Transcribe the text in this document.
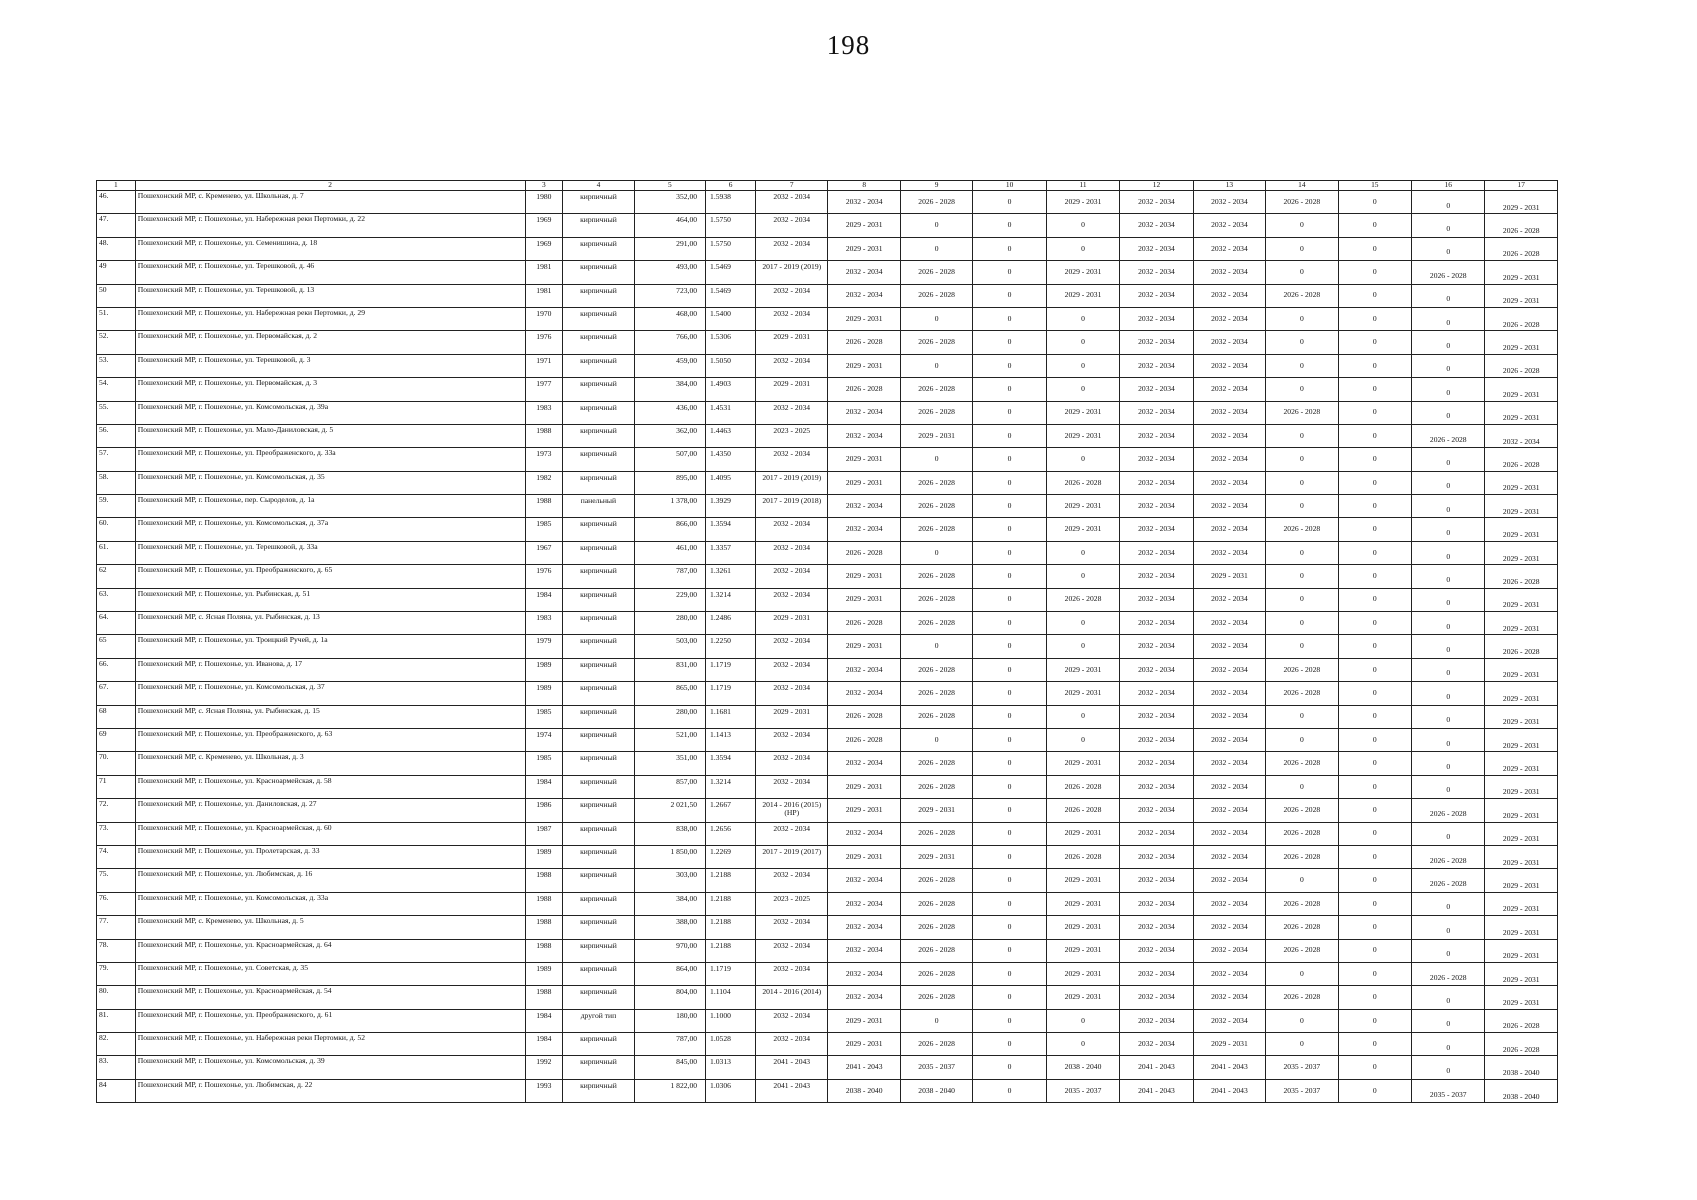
198
1	2	3	4	5	6	7	8	9	10	11	12	13	14	15	16	17
46.	Пошехонский МР, с. Кременево, ул. Школьная, д. 7	1980	кирпичный	352,00	1.5938	2032 - 2034	2032 - 2034	2026 - 2028	0	2029 - 2031	2032 - 2034	2032 - 2034	2026 - 2028	0	0	2029 - 2031
47.	Пошехонский МР, г. Пошехонье, ул. Набережная реки Пертомки, д. 22	1969	кирпичный	464,00	1.5750	2032 - 2034	2029 - 2031	0	0	0	2032 - 2034	2032 - 2034	0	0	0	2026 - 2028
48.	Пошехонский МР, г. Пошехонье, ул. Семенишина, д. 18	1969	кирпичный	291,00	1.5750	2032 - 2034	2029 - 2031	0	0	0	2032 - 2034	2032 - 2034	0	0	0	2026 - 2028
49	Пошехонский МР, г. Пошехонье, ул. Терешковой, д. 46	1981	кирпичный	493,00	1.5469	2017 - 2019 (2019)	2032 - 2034	2026 - 2028	0	2029 - 2031	2032 - 2034	2032 - 2034	0	0	2026 - 2028	2029 - 2031
50	Пошехонский МР, г. Пошехонье, ул. Терешковой, д. 13	1981	кирпичный	723,00	1.5469	2032 - 2034	2032 - 2034	2026 - 2028	0	2029 - 2031	2032 - 2034	2032 - 2034	2026 - 2028	0	0	2029 - 2031
51.	Пошехонский МР, г. Пошехонье, ул. Набережная реки Пертомки, д. 29	1970	кирпичный	468,00	1.5400	2032 - 2034	2029 - 2031	0	0	0	2032 - 2034	2032 - 2034	0	0	0	2026 - 2028
52.	Пошехонский МР, г. Пошехонье, ул. Первомайская, д. 2	1976	кирпичный	766,00	1.5306	2029 - 2031	2026 - 2028	2026 - 2028	0	0	2032 - 2034	2032 - 2034	0	0	0	2029 - 2031
53.	Пошехонский МР, г. Пошехонье, ул. Терешковой, д. 3	1971	кирпичный	459,00	1.5050	2032 - 2034	2029 - 2031	0	0	0	2032 - 2034	2032 - 2034	0	0	0	2026 - 2028
54.	Пошехонский МР, г. Пошехонье, ул. Первомайская, д. 3	1977	кирпичный	384,00	1.4903	2029 - 2031	2026 - 2028	2026 - 2028	0	0	2032 - 2034	2032 - 2034	0	0	0	2029 - 2031
55.	Пошехонский МР, г. Пошехонье, ул. Комсомольская, д. 39а	1983	кирпичный	436,00	1.4531	2032 - 2034	2032 - 2034	2026 - 2028	0	2029 - 2031	2032 - 2034	2032 - 2034	2026 - 2028	0	0	2029 - 2031
56.	Пошехонский МР, г. Пошехонье, ул. Мало-Даниловская, д. 5	1988	кирпичный	362,00	1.4463	2023 - 2025	2032 - 2034	2029 - 2031	0	2029 - 2031	2032 - 2034	2032 - 2034	0	0	2026 - 2028	2032 - 2034
57.	Пошехонский МР, г. Пошехонье, ул. Преображенского, д. 33а	1973	кирпичный	507,00	1.4350	2032 - 2034	2029 - 2031	0	0	0	2032 - 2034	2032 - 2034	0	0	0	2026 - 2028
58.	Пошехонский МР, г. Пошехонье, ул. Комсомольская, д. 35	1982	кирпичный	895,00	1.4095	2017 - 2019 (2019)	2029 - 2031	2026 - 2028	0	2026 - 2028	2032 - 2034	2032 - 2034	0	0	0	2029 - 2031
59.	Пошехонский МР, г. Пошехонье, пер. Сыроделов, д. 1а	1988	панельный	1 378,00	1.3929	2017 - 2019 (2018)	2032 - 2034	2026 - 2028	0	2029 - 2031	2032 - 2034	2032 - 2034	0	0	0	2029 - 2031
60.	Пошехонский МР, г. Пошехонье, ул. Комсомольская, д. 37а	1985	кирпичный	866,00	1.3594	2032 - 2034	2032 - 2034	2026 - 2028	0	2029 - 2031	2032 - 2034	2032 - 2034	2026 - 2028	0	0	2029 - 2031
61.	Пошехонский МР, г. Пошехонье, ул. Терешковой, д. 33а	1967	кирпичный	461,00	1.3357	2032 - 2034	2026 - 2028	0	0	0	2032 - 2034	2032 - 2034	0	0	0	2029 - 2031
62	Пошехонский МР, г. Пошехонье, ул. Преображенского, д. 65	1976	кирпичный	787,00	1.3261	2032 - 2034	2029 - 2031	2026 - 2028	0	0	2032 - 2034	2029 - 2031	0	0	0	2026 - 2028
63.	Пошехонский МР, г. Пошехонье, ул. Рыбинская, д. 51	1984	кирпичный	229,00	1.3214	2032 - 2034	2029 - 2031	2026 - 2028	0	2026 - 2028	2032 - 2034	2032 - 2034	0	0	0	2029 - 2031
64.	Пошехонский МР, с. Ясная Поляна, ул. Рыбинская, д. 13	1983	кирпичный	280,00	1.2486	2029 - 2031	2026 - 2028	2026 - 2028	0	0	2032 - 2034	2032 - 2034	0	0	0	2029 - 2031
65	Пошехонский МР, г. Пошехонье, ул. Троицкий Ручей, д. 1а	1979	кирпичный	503,00	1.2250	2032 - 2034	2029 - 2031	0	0	0	2032 - 2034	2032 - 2034	0	0	0	2026 - 2028
66.	Пошехонский МР, г. Пошехонье, ул. Иванова, д. 17	1989	кирпичный	831,00	1.1719	2032 - 2034	2032 - 2034	2026 - 2028	0	2029 - 2031	2032 - 2034	2032 - 2034	2026 - 2028	0	0	2029 - 2031
67.	Пошехонский МР, г. Пошехонье, ул. Комсомольская, д. 37	1989	кирпичный	865,00	1.1719	2032 - 2034	2032 - 2034	2026 - 2028	0	2029 - 2031	2032 - 2034	2032 - 2034	2026 - 2028	0	0	2029 - 2031
68	Пошехонский МР, с. Ясная Поляна, ул. Рыбинская, д. 15	1985	кирпичный	280,00	1.1681	2029 - 2031	2026 - 2028	2026 - 2028	0	0	2032 - 2034	2032 - 2034	0	0	0	2029 - 2031
69	Пошехонский МР, г. Пошехонье, ул. Преображенского, д. 63	1974	кирпичный	521,00	1.1413	2032 - 2034	2026 - 2028	0	0	0	2032 - 2034	2032 - 2034	0	0	0	2029 - 2031
70.	Пошехонский МР, с. Кременево, ул. Школьная, д. 3	1985	кирпичный	351,00	1.3594	2032 - 2034	2032 - 2034	2026 - 2028	0	2029 - 2031	2032 - 2034	2032 - 2034	2026 - 2028	0	0	2029 - 2031
71	Пошехонский МР, г. Пошехонье, ул. Красноармейская, д. 58	1984	кирпичный	857,00	1.3214	2032 - 2034	2029 - 2031	2026 - 2028	0	2026 - 2028	2032 - 2034	2032 - 2034	0	0	0	2029 - 2031
72.	Пошехонский МР, г. Пошехонье, ул. Даниловская, д. 27	1986	кирпичный	2 021,50	1.2667	2014 - 2016 (2015) (НР)	2029 - 2031	2029 - 2031	0	2026 - 2028	2032 - 2034	2032 - 2034	2026 - 2028	0	2026 - 2028	2029 - 2031
73.	Пошехонский МР, г. Пошехонье, ул. Красноармейская, д. 60	1987	кирпичный	838,00	1.2656	2032 - 2034	2032 - 2034	2026 - 2028	0	2029 - 2031	2032 - 2034	2032 - 2034	2026 - 2028	0	0	2029 - 2031
74.	Пошехонский МР, г. Пошехонье, ул. Пролетарская, д. 33	1989	кирпичный	1 850,00	1.2269	2017 - 2019 (2017)	2029 - 2031	2029 - 2031	0	2026 - 2028	2032 - 2034	2032 - 2034	2026 - 2028	0	2026 - 2028	2029 - 2031
75.	Пошехонский МР, г. Пошехонье, ул. Любимская, д. 16	1988	кирпичный	303,00	1.2188	2032 - 2034	2032 - 2034	2026 - 2028	0	2029 - 2031	2032 - 2034	2032 - 2034	0	0	2026 - 2028	2029 - 2031
76.	Пошехонский МР, г. Пошехонье, ул. Комсомольская, д. 33а	1988	кирпичный	384,00	1.2188	2023 - 2025	2032 - 2034	2026 - 2028	0	2029 - 2031	2032 - 2034	2032 - 2034	2026 - 2028	0	0	2029 - 2031
77.	Пошехонский МР, с. Кременево, ул. Школьная, д. 5	1988	кирпичный	388,00	1.2188	2032 - 2034	2032 - 2034	2026 - 2028	0	2029 - 2031	2032 - 2034	2032 - 2034	2026 - 2028	0	0	2029 - 2031
78.	Пошехонский МР, г. Пошехонье, ул. Красноармейская, д. 64	1988	кирпичный	970,00	1.2188	2032 - 2034	2032 - 2034	2026 - 2028	0	2029 - 2031	2032 - 2034	2032 - 2034	2026 - 2028	0	0	2029 - 2031
79.	Пошехонский МР, г. Пошехонье, ул. Советская, д. 35	1989	кирпичный	864,00	1.1719	2032 - 2034	2032 - 2034	2026 - 2028	0	2029 - 2031	2032 - 2034	2032 - 2034	0	0	2026 - 2028	2029 - 2031
80.	Пошехонский МР, г. Пошехонье, ул. Красноармейская, д. 54	1988	кирпичный	804,00	1.1104	2014 - 2016 (2014)	2032 - 2034	2026 - 2028	0	2029 - 2031	2032 - 2034	2032 - 2034	2026 - 2028	0	0	2029 - 2031
81.	Пошехонский МР, г. Пошехонье, ул. Преображенского, д. 61	1984	другой тип	180,00	1.1000	2032 - 2034	2029 - 2031	0	0	0	2032 - 2034	2032 - 2034	0	0	0	2026 - 2028
82.	Пошехонский МР, г. Пошехонье, ул. Набережная реки Пертомки, д. 52	1984	кирпичный	787,00	1.0528	2032 - 2034	2029 - 2031	2026 - 2028	0	0	2032 - 2034	2029 - 2031	0	0	0	2026 - 2028
83.	Пошехонский МР, г. Пошехонье, ул. Комсомольская, д. 39	1992	кирпичный	845,00	1.0313	2041 - 2043	2041 - 2043	2035 - 2037	0	2038 - 2040	2041 - 2043	2041 - 2043	2035 - 2037	0	0	2038 - 2040
84	Пошехонский МР, г. Пошехонье, ул. Любимская, д. 22	1993	кирпичный	1 822,00	1.0306	2041 - 2043	2038 - 2040	2038 - 2040	0	2035 - 2037	2041 - 2043	2041 - 2043	2035 - 2037	0	2035 - 2037	2038 - 2040
